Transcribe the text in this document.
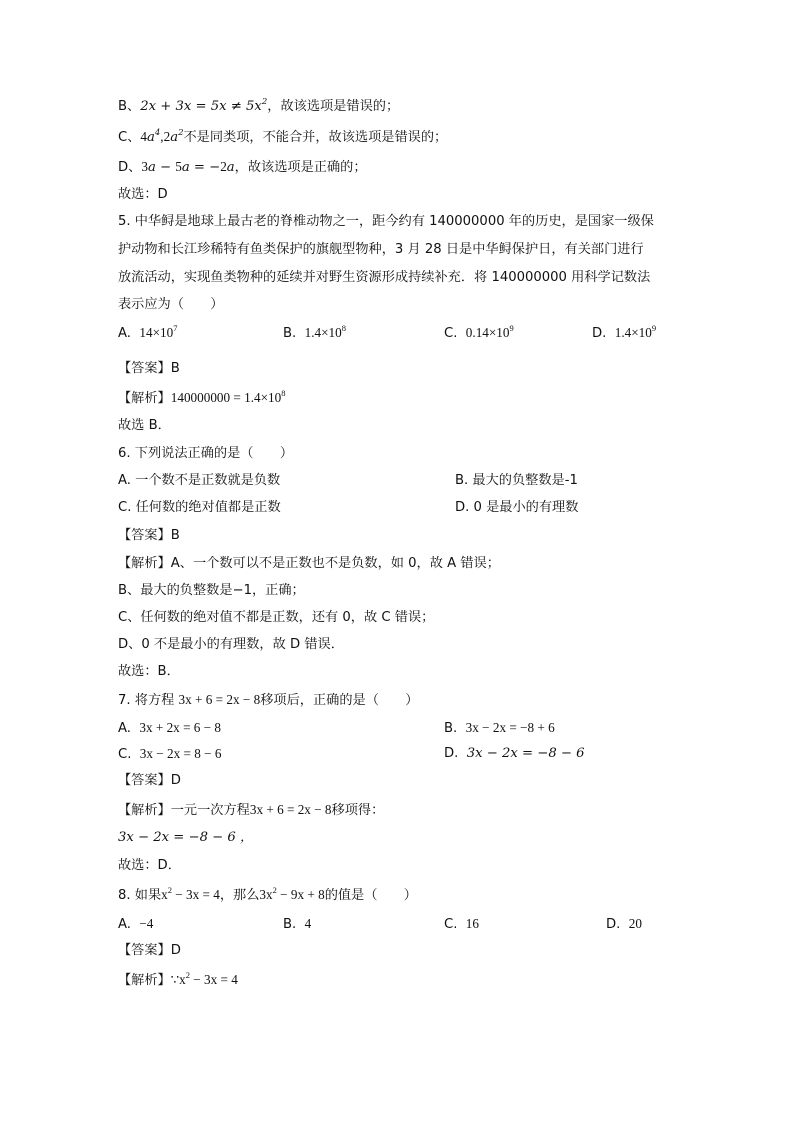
B、$2x + 3x = 5x \ne 5x^2$，故该选项是错误的；
C、$4a^4,2a^2$不是同类项，不能合并，故该选项是错误的；
D、3a − 5a = −2a，故该选项是正确的；
故选：D
5. 中华鲟是地球上最古老的脊椎动物之一，距今约有 140000000 年的历史，是国家一级保
护动物和长江珍稀特有鱼类保护的旗舰型物种，3 月 28 日是中华鲟保护日，有关部门进行
放流活动，实现鱼类物种的延续并对野生资源形成持续补充．将 140000000 用科学记数法
表示应为（　　）
A. $14\times 10^7$	B. $1.4\times 10^8$	C. $0.14\times 10^9$	D. $1.4\times 10^9$
【答案】B
【解析】$140000000 = 1.4\times 10^8$
故选 B．
6. 下列说法正确的是（　　）
A. 一个数不是正数就是负数	B. 最大的负整数是-1
C. 任何数的绝对值都是正数	D. 0 是最小的有理数
【答案】B
【解析】A、一个数可以不是正数也不是负数，如 0，故 A 错误；
B、最大的负整数是−1，正确；
C、任何数的绝对值不都是正数，还有 0，故 C 错误；
D、0 不是最小的有理数，故 D 错误．
故选：B．
7. 将方程 3x + 6 = 2x − 8移项后，正确的是（　　）
A. 3x + 2x = 6 − 8	B. 3x − 2x = −8 + 6
C. 3x − 2x = 8 − 6	D. 3x − 2x = −8 − 6
【答案】D
【解析】一元一次方程3x + 6 = 2x − 8移项得：
3x − 2x = −8 − 6 ，
故选：D．
8. 如果$x^2 - 3x = 4$，那么$3x^2 - 9x + 8$的值是（　　）
A. −4	B. 4	C. 16	D. 20
【答案】D
【解析】$\because x^2 - 3x = 4$
